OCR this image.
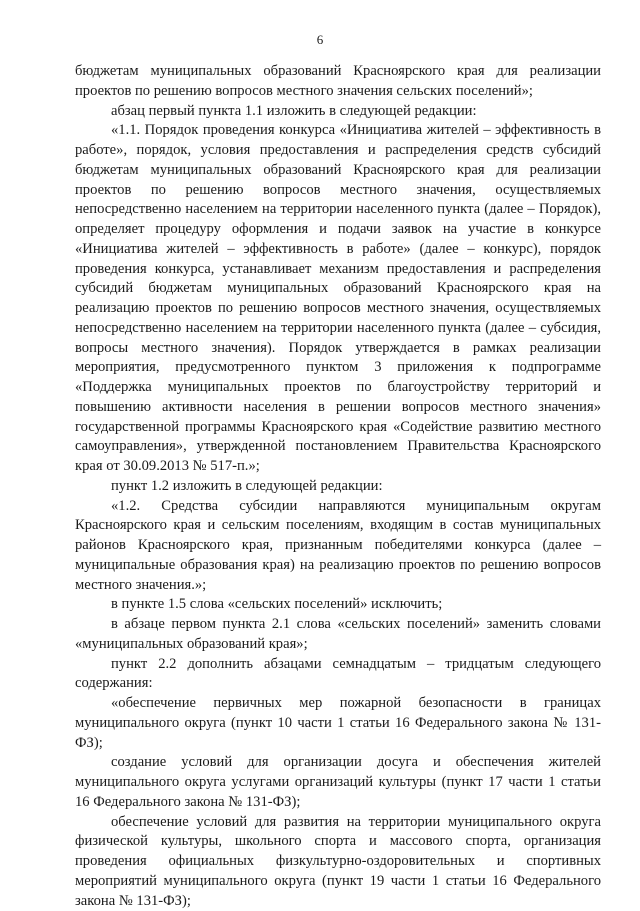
6

бюджетам муниципальных образований Красноярского края для реализации проектов по решению вопросов местного значения сельских поселений»;

абзац первый пункта 1.1 изложить в следующей редакции:

«1.1. Порядок проведения конкурса «Инициатива жителей – эффективность в работе», порядок, условия предоставления и распределения средств субсидий бюджетам муниципальных образований Красноярского края для реализации проектов по решению вопросов местного значения, осуществляемых непосредственно населением на территории населенного пункта (далее – Порядок), определяет процедуру оформления и подачи заявок на участие в конкурсе «Инициатива жителей – эффективность в работе» (далее – конкурс), порядок проведения конкурса, устанавливает механизм предоставления и распределения субсидий бюджетам муниципальных образований Красноярского края на реализацию проектов по решению вопросов местного значения, осуществляемых непосредственно населением на территории населенного пункта (далее – субсидия, вопросы местного значения). Порядок утверждается в рамках реализации мероприятия, предусмотренного пунктом 3 приложения к подпрограмме «Поддержка муниципальных проектов по благоустройству территорий и повышению активности населения в решении вопросов местного значения» государственной программы Красноярского края «Содействие развитию местного самоуправления», утвержденной постановлением Правительства Красноярского края от 30.09.2013 № 517-п.»;

пункт 1.2 изложить в следующей редакции:

«1.2. Средства субсидии направляются муниципальным округам Красноярского края и сельским поселениям, входящим в состав муниципальных районов Красноярского края, признанным победителями конкурса (далее – муниципальные образования края) на реализацию проектов по решению вопросов местного значения.»;

в пункте 1.5 слова «сельских поселений» исключить;

в абзаце первом пункта 2.1 слова «сельских поселений» заменить словами «муниципальных образований края»;

пункт 2.2 дополнить абзацами семнадцатым – тридцатым следующего содержания:

«обеспечение первичных мер пожарной безопасности в границах муниципального округа (пункт 10 части 1 статьи 16 Федерального закона № 131-ФЗ);

создание условий для организации досуга и обеспечения жителей муниципального округа услугами организаций культуры (пункт 17 части 1 статьи 16 Федерального закона № 131-ФЗ);

обеспечение условий для развития на территории муниципального округа физической культуры, школьного спорта и массового спорта, организация проведения официальных физкультурно-оздоровительных и спортивных мероприятий муниципального округа (пункт 19 части 1 статьи 16 Федерального закона № 131-ФЗ);
